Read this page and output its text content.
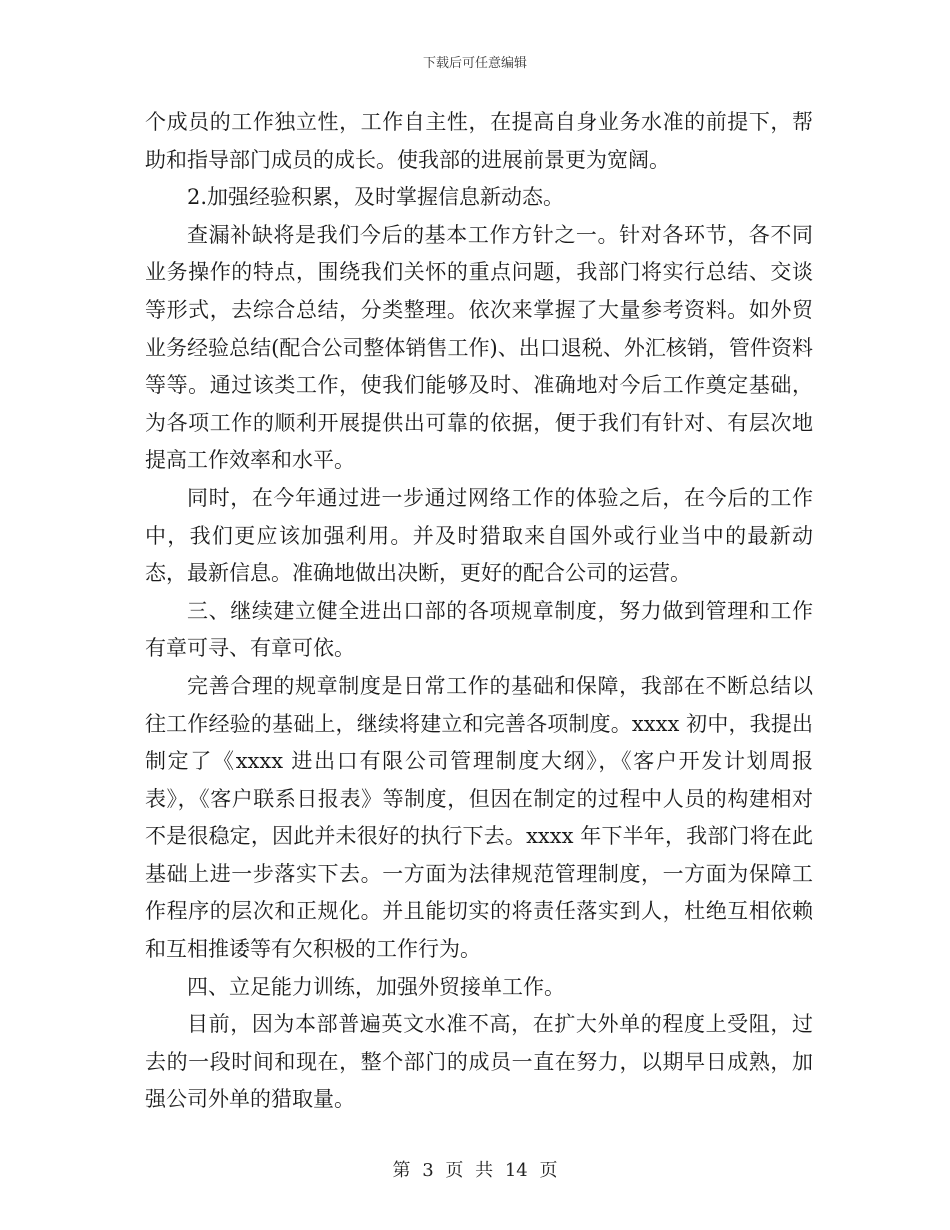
下载后可任意编辑

个成员的工作独立性，工作自主性，在提高自身业务水准的前提下，帮助和指导部门成员的成长。使我部的进展前景更为宽阔。

2.加强经验积累，及时掌握信息新动态。

查漏补缺将是我们今后的基本工作方针之一。针对各环节，各不同业务操作的特点，围绕我们关怀的重点问题，我部门将实行总结、交谈等形式，去综合总结，分类整理。依次来掌握了大量参考资料。如外贸业务经验总结(配合公司整体销售工作)、出口退税、外汇核销，管件资料等等。通过该类工作，使我们能够及时、准确地对今后工作奠定基础，为各项工作的顺利开展提供出可靠的依据，便于我们有针对、有层次地提高工作效率和水平。

同时，在今年通过进一步通过网络工作的体验之后，在今后的工作中，我们更应该加强利用。并及时猎取来自国外或行业当中的最新动态，最新信息。准确地做出决断，更好的配合公司的运营。

三、继续建立健全进出口部的各项规章制度，努力做到管理和工作有章可寻、有章可依。

完善合理的规章制度是日常工作的基础和保障，我部在不断总结以往工作经验的基础上，继续将建立和完善各项制度。xxxx 初中，我提出制定了《xxxx 进出口有限公司管理制度大纲》，《客户开发计划周报表》，《客户联系日报表》等制度，但因在制定的过程中人员的构建相对不是很稳定，因此并未很好的执行下去。xxxx 年下半年，我部门将在此基础上进一步落实下去。一方面为法律规范管理制度，一方面为保障工作程序的层次和正规化。并且能切实的将责任落实到人，杜绝互相依赖和互相推诿等有欠积极的工作行为。

四、立足能力训练，加强外贸接单工作。

目前，因为本部普遍英文水准不高，在扩大外单的程度上受阻，过去的一段时间和现在，整个部门的成员一直在努力，以期早日成熟，加强公司外单的猎取量。

第 3 页 共 14 页
